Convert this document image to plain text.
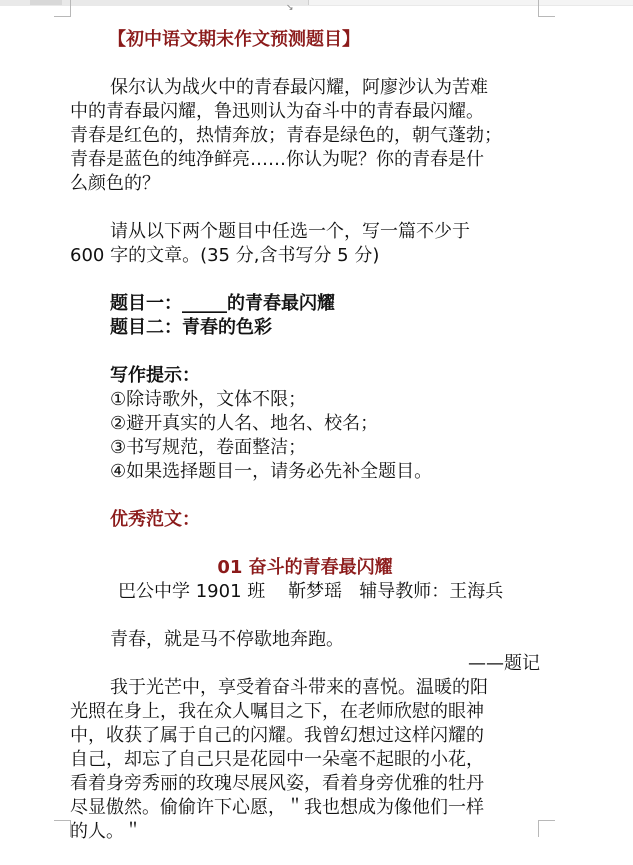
↘
【初中语文期末作文预测题目】
保尔认为战火中的青春最闪耀，阿廖沙认为苦难
中的青春最闪耀，鲁迅则认为奋斗中的青春最闪耀。
青春是红色的，热情奔放；青春是绿色的，朝气蓬勃；
青春是蓝色的纯净鲜亮……你认为呢？你的青春是什
么颜色的？
请从以下两个题目中任选一个，写一篇不少于
600 字的文章。(35 分,含书写分 5 分)
题目一：_____的青春最闪耀
题目二：青春的色彩
写作提示：
①除诗歌外，文体不限；
②避开真实的人名、地名、校名；
③书写规范，卷面整洁；
④如果选择题目一，请务必先补全题目。
优秀范文：
01 奋斗的青春最闪耀
巴公中学 1901 班    靳梦瑶   辅导教师：王海兵
青春，就是马不停歇地奔跑。
——题记
我于光芒中，享受着奋斗带来的喜悦。温暖的阳
光照在身上，我在众人嘱目之下，在老师欣慰的眼神
中，收获了属于自己的闪耀。我曾幻想过这样闪耀的
自己，却忘了自己只是花园中一朵毫不起眼的小花，
看着身旁秀丽的玫瑰尽展风姿，看着身旁优雅的牡丹
尽显傲然。偷偷许下心愿，＂我也想成为像他们一样
的人。＂
